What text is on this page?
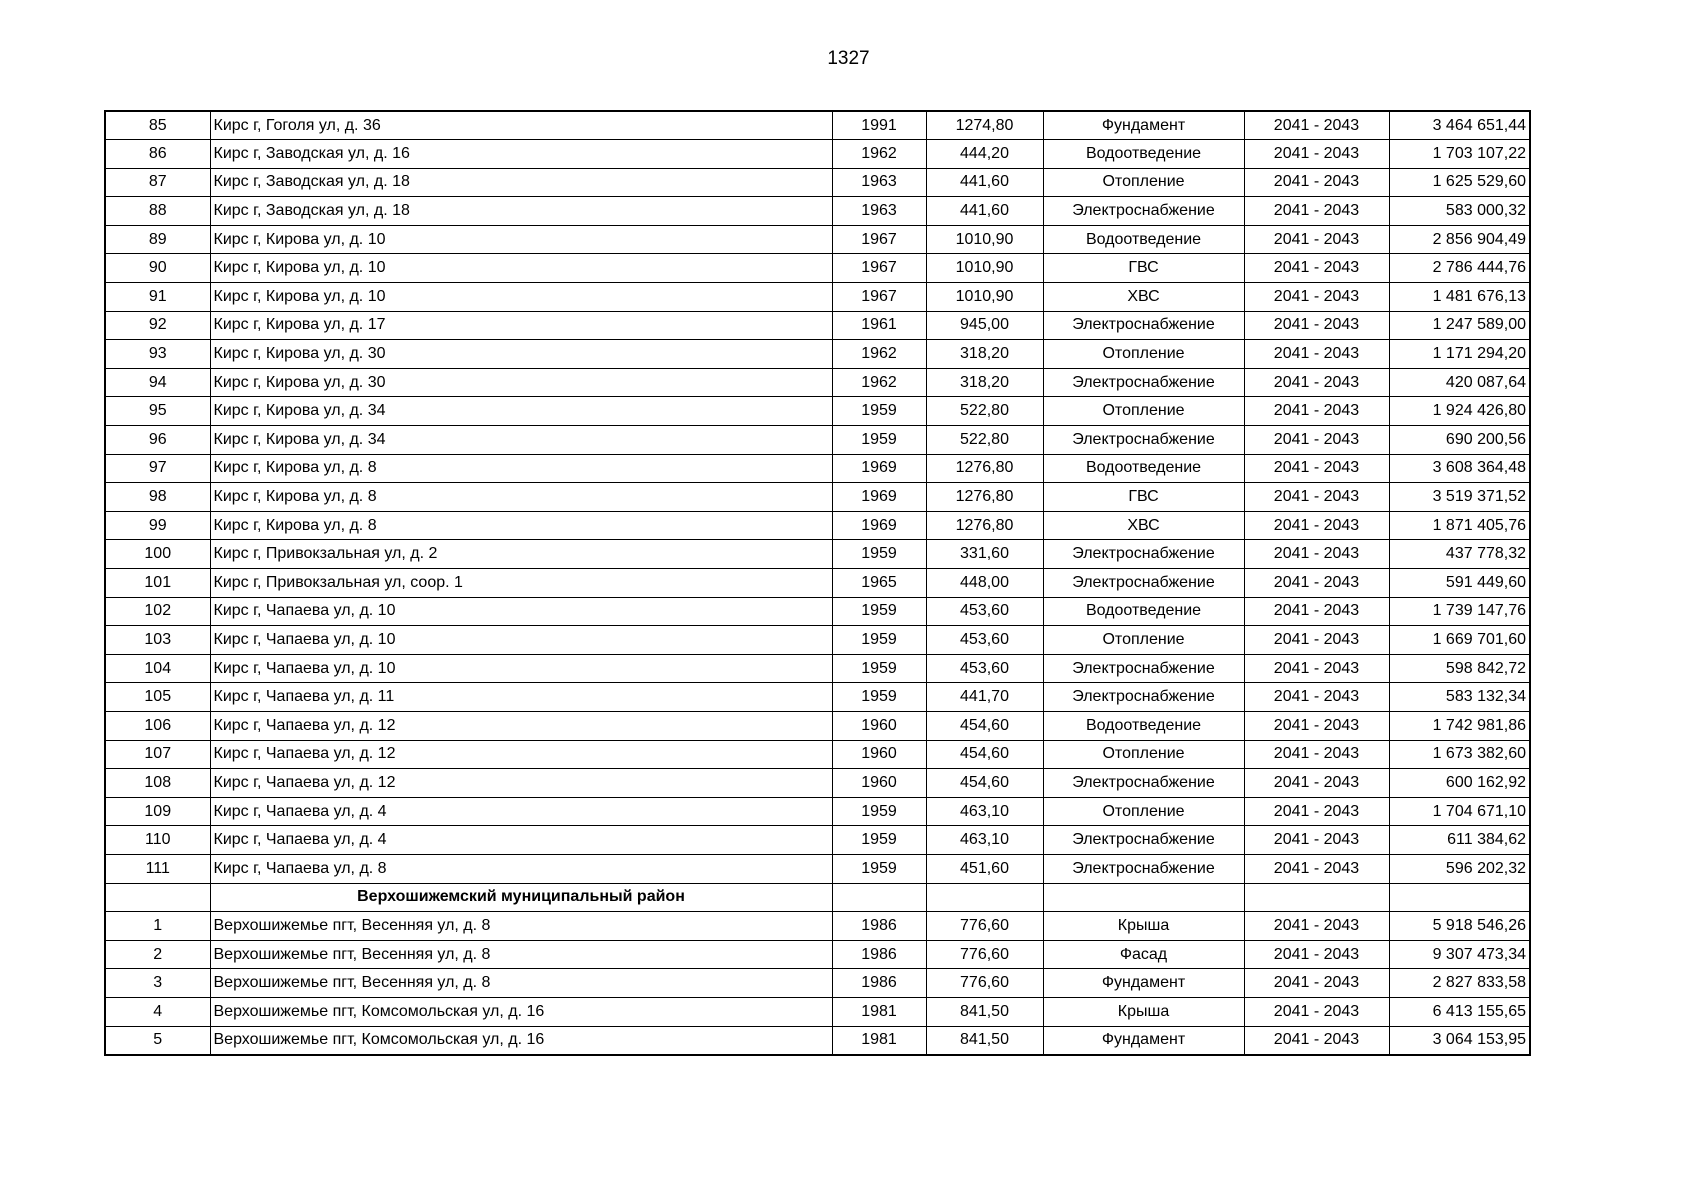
1327
85	Кирс г, Гоголя ул, д. 36	1991	1274,80	Фундамент	2041 - 2043	3 464 651,44
86	Кирс г, Заводская ул, д. 16	1962	444,20	Водоотведение	2041 - 2043	1 703 107,22
87	Кирс г, Заводская ул, д. 18	1963	441,60	Отопление	2041 - 2043	1 625 529,60
88	Кирс г, Заводская ул, д. 18	1963	441,60	Электроснабжение	2041 - 2043	583 000,32
89	Кирс г, Кирова ул, д. 10	1967	1010,90	Водоотведение	2041 - 2043	2 856 904,49
90	Кирс г, Кирова ул, д. 10	1967	1010,90	ГВС	2041 - 2043	2 786 444,76
91	Кирс г, Кирова ул, д. 10	1967	1010,90	ХВС	2041 - 2043	1 481 676,13
92	Кирс г, Кирова ул, д. 17	1961	945,00	Электроснабжение	2041 - 2043	1 247 589,00
93	Кирс г, Кирова ул, д. 30	1962	318,20	Отопление	2041 - 2043	1 171 294,20
94	Кирс г, Кирова ул, д. 30	1962	318,20	Электроснабжение	2041 - 2043	420 087,64
95	Кирс г, Кирова ул, д. 34	1959	522,80	Отопление	2041 - 2043	1 924 426,80
96	Кирс г, Кирова ул, д. 34	1959	522,80	Электроснабжение	2041 - 2043	690 200,56
97	Кирс г, Кирова ул, д. 8	1969	1276,80	Водоотведение	2041 - 2043	3 608 364,48
98	Кирс г, Кирова ул, д. 8	1969	1276,80	ГВС	2041 - 2043	3 519 371,52
99	Кирс г, Кирова ул, д. 8	1969	1276,80	ХВС	2041 - 2043	1 871 405,76
100	Кирс г, Привокзальная ул, д. 2	1959	331,60	Электроснабжение	2041 - 2043	437 778,32
101	Кирс г, Привокзальная ул, соор. 1	1965	448,00	Электроснабжение	2041 - 2043	591 449,60
102	Кирс г, Чапаева ул, д. 10	1959	453,60	Водоотведение	2041 - 2043	1 739 147,76
103	Кирс г, Чапаева ул, д. 10	1959	453,60	Отопление	2041 - 2043	1 669 701,60
104	Кирс г, Чапаева ул, д. 10	1959	453,60	Электроснабжение	2041 - 2043	598 842,72
105	Кирс г, Чапаева ул, д. 11	1959	441,70	Электроснабжение	2041 - 2043	583 132,34
106	Кирс г, Чапаева ул, д. 12	1960	454,60	Водоотведение	2041 - 2043	1 742 981,86
107	Кирс г, Чапаева ул, д. 12	1960	454,60	Отопление	2041 - 2043	1 673 382,60
108	Кирс г, Чапаева ул, д. 12	1960	454,60	Электроснабжение	2041 - 2043	600 162,92
109	Кирс г, Чапаева ул, д. 4	1959	463,10	Отопление	2041 - 2043	1 704 671,10
110	Кирс г, Чапаева ул, д. 4	1959	463,10	Электроснабжение	2041 - 2043	611 384,62
111	Кирс г, Чапаева ул, д. 8	1959	451,60	Электроснабжение	2041 - 2043	596 202,32
	Верхошижемский муниципальный район					
1	Верхошижемье пгт, Весенняя ул, д. 8	1986	776,60	Крыша	2041 - 2043	5 918 546,26
2	Верхошижемье пгт, Весенняя ул, д. 8	1986	776,60	Фасад	2041 - 2043	9 307 473,34
3	Верхошижемье пгт, Весенняя ул, д. 8	1986	776,60	Фундамент	2041 - 2043	2 827 833,58
4	Верхошижемье пгт, Комсомольская ул, д. 16	1981	841,50	Крыша	2041 - 2043	6 413 155,65
5	Верхошижемье пгт, Комсомольская ул, д. 16	1981	841,50	Фундамент	2041 - 2043	3 064 153,95
